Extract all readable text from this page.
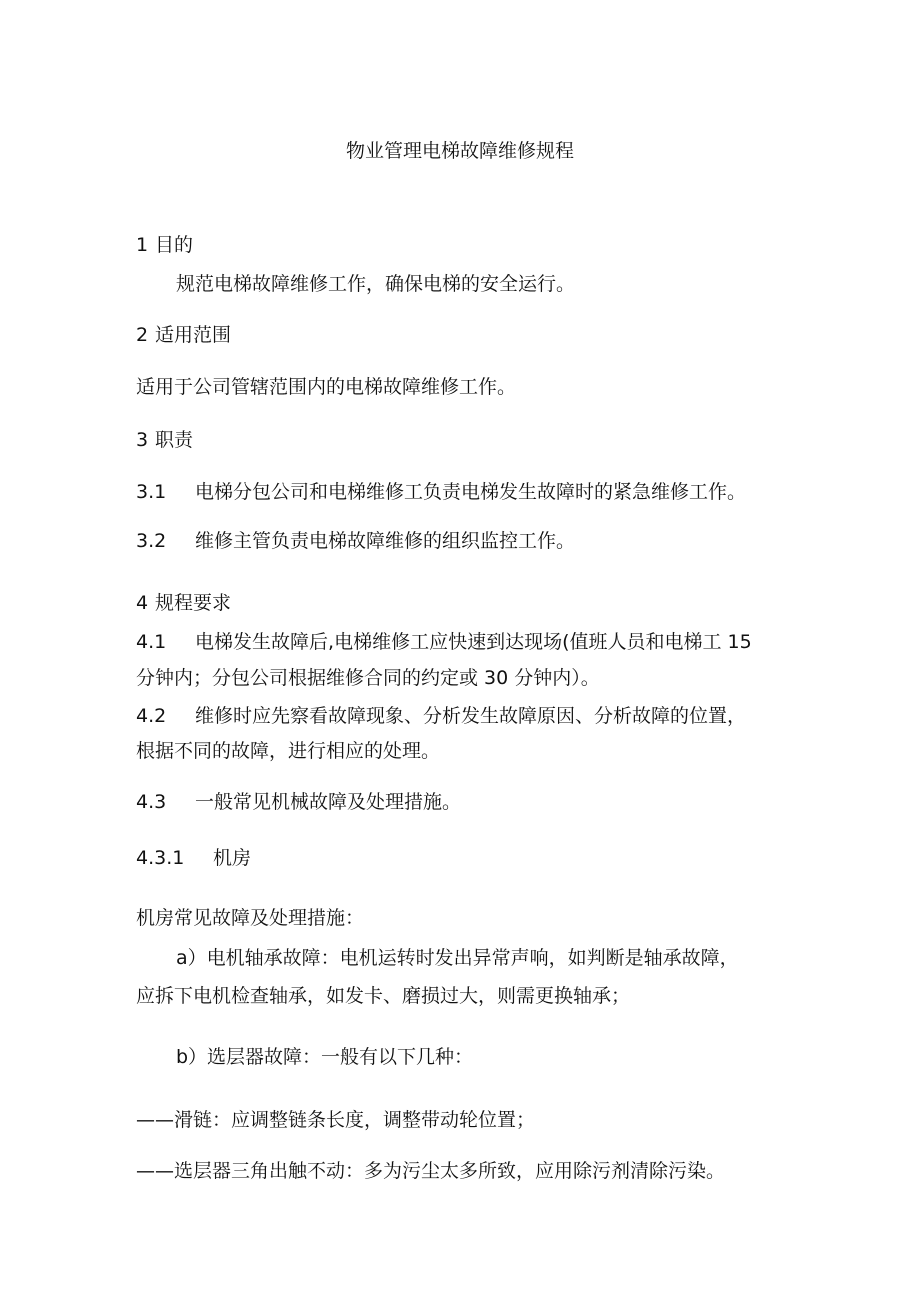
物业管理电梯故障维修规程
1 目的
规范电梯故障维修工作，确保电梯的安全运行。
2 适用范围
适用于公司管辖范围内的电梯故障维修工作。
3 职责
3.1 电梯分包公司和电梯维修工负责电梯发生故障时的紧急维修工作。
3.2 维修主管负责电梯故障维修的组织监控工作。
4 规程要求
4.1 电梯发生故障后,电梯维修工应快速到达现场(值班人员和电梯工 15
分钟内；分包公司根据维修合同的约定或 30 分钟内）。
4.2 维修时应先察看故障现象、分析发生故障原因、分析故障的位置，
根据不同的故障，进行相应的处理。
4.3 一般常见机械故障及处理措施。
4.3.1 机房
机房常见故障及处理措施：
a）电机轴承故障：电机运转时发出异常声响，如判断是轴承故障，
应拆下电机检查轴承，如发卡、磨损过大，则需更换轴承；
b）选层器故障：一般有以下几种：
——滑链：应调整链条长度，调整带动轮位置；
——选层器三角出触不动：多为污尘太多所致，应用除污剂清除污染。
